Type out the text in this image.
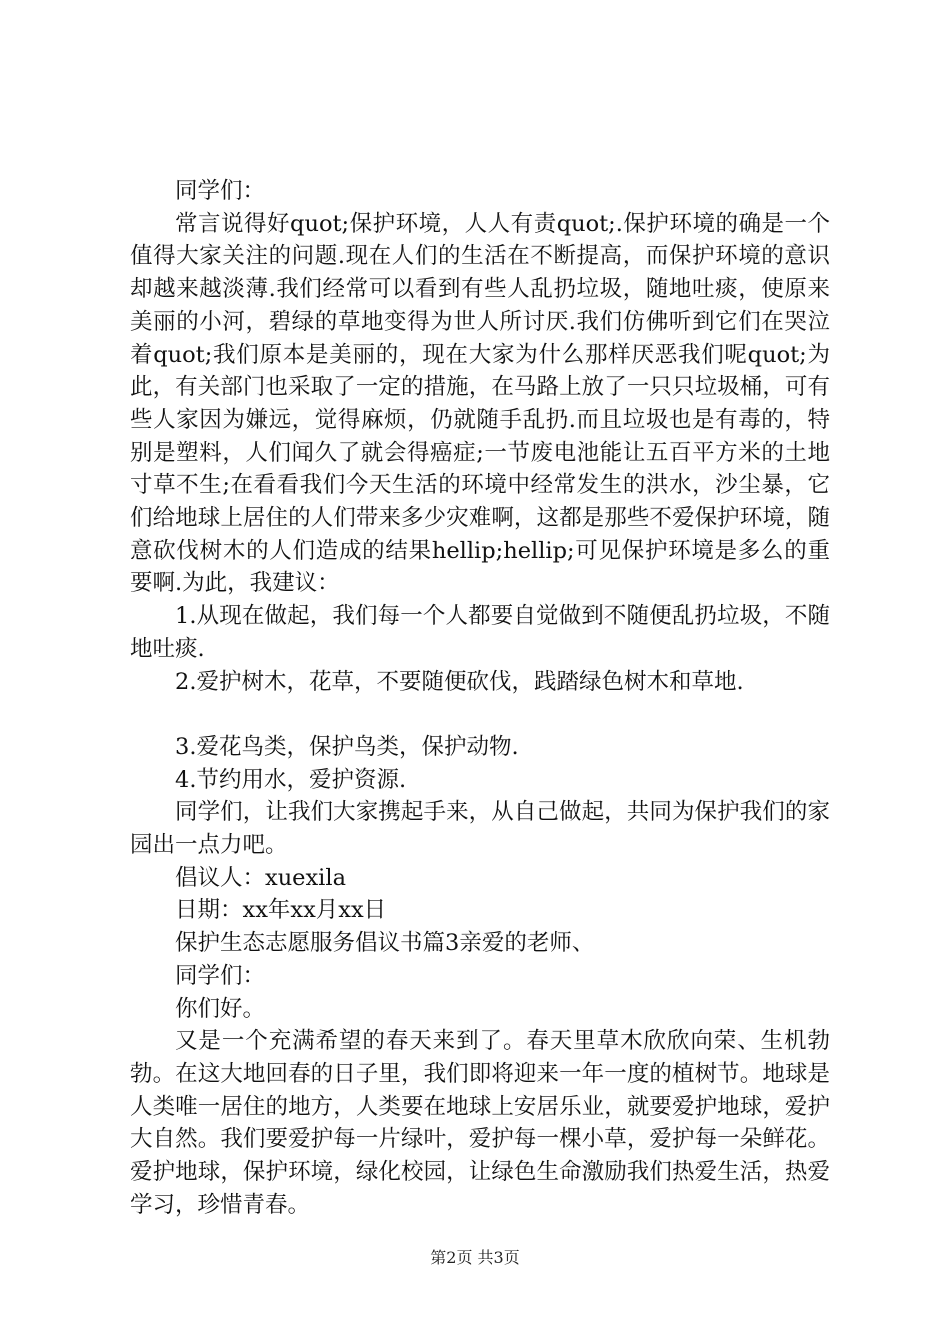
同学们：

常言说得好quot;保护环境，人人有责quot;.保护环境的确是一个值得大家关注的问题.现在人们的生活在不断提高，而保护环境的意识却越来越淡薄.我们经常可以看到有些人乱扔垃圾，随地吐痰，使原来美丽的小河，碧绿的草地变得为世人所讨厌.我们仿佛听到它们在哭泣着quot;我们原本是美丽的，现在大家为什么那样厌恶我们呢quot;为此，有关部门也采取了一定的措施，在马路上放了一只只垃圾桶，可有些人家因为嫌远，觉得麻烦，仍就随手乱扔.而且垃圾也是有毒的，特别是塑料，人们闻久了就会得癌症;一节废电池能让五百平方米的土地寸草不生;在看看我们今天生活的环境中经常发生的洪水，沙尘暴，它们给地球上居住的人们带来多少灾难啊，这都是那些不爱保护环境，随意砍伐树木的人们造成的结果hellip;hellip;可见保护环境是多么的重要啊.为此，我建议：

1.从现在做起，我们每一个人都要自觉做到不随便乱扔垃圾，不随地吐痰.

2.爱护树木，花草，不要随便砍伐，践踏绿色树木和草地.

3.爱花鸟类，保护鸟类，保护动物.

4.节约用水，爱护资源.

同学们，让我们大家携起手来，从自己做起，共同为保护我们的家园出一点力吧。

倡议人：xuexila

日期：xx年xx月xx日

保护生态志愿服务倡议书篇3亲爱的老师、

同学们：

你们好。

又是一个充满希望的春天来到了。春天里草木欣欣向荣、生机勃勃。在这大地回春的日子里，我们即将迎来一年一度的植树节。地球是人类唯一居住的地方，人类要在地球上安居乐业，就要爱护地球，爱护大自然。我们要爱护每一片绿叶，爱护每一棵小草，爱护每一朵鲜花。爱护地球，保护环境，绿化校园，让绿色生命激励我们热爱生活，热爱学习，珍惜青春。

第2页 共3页
